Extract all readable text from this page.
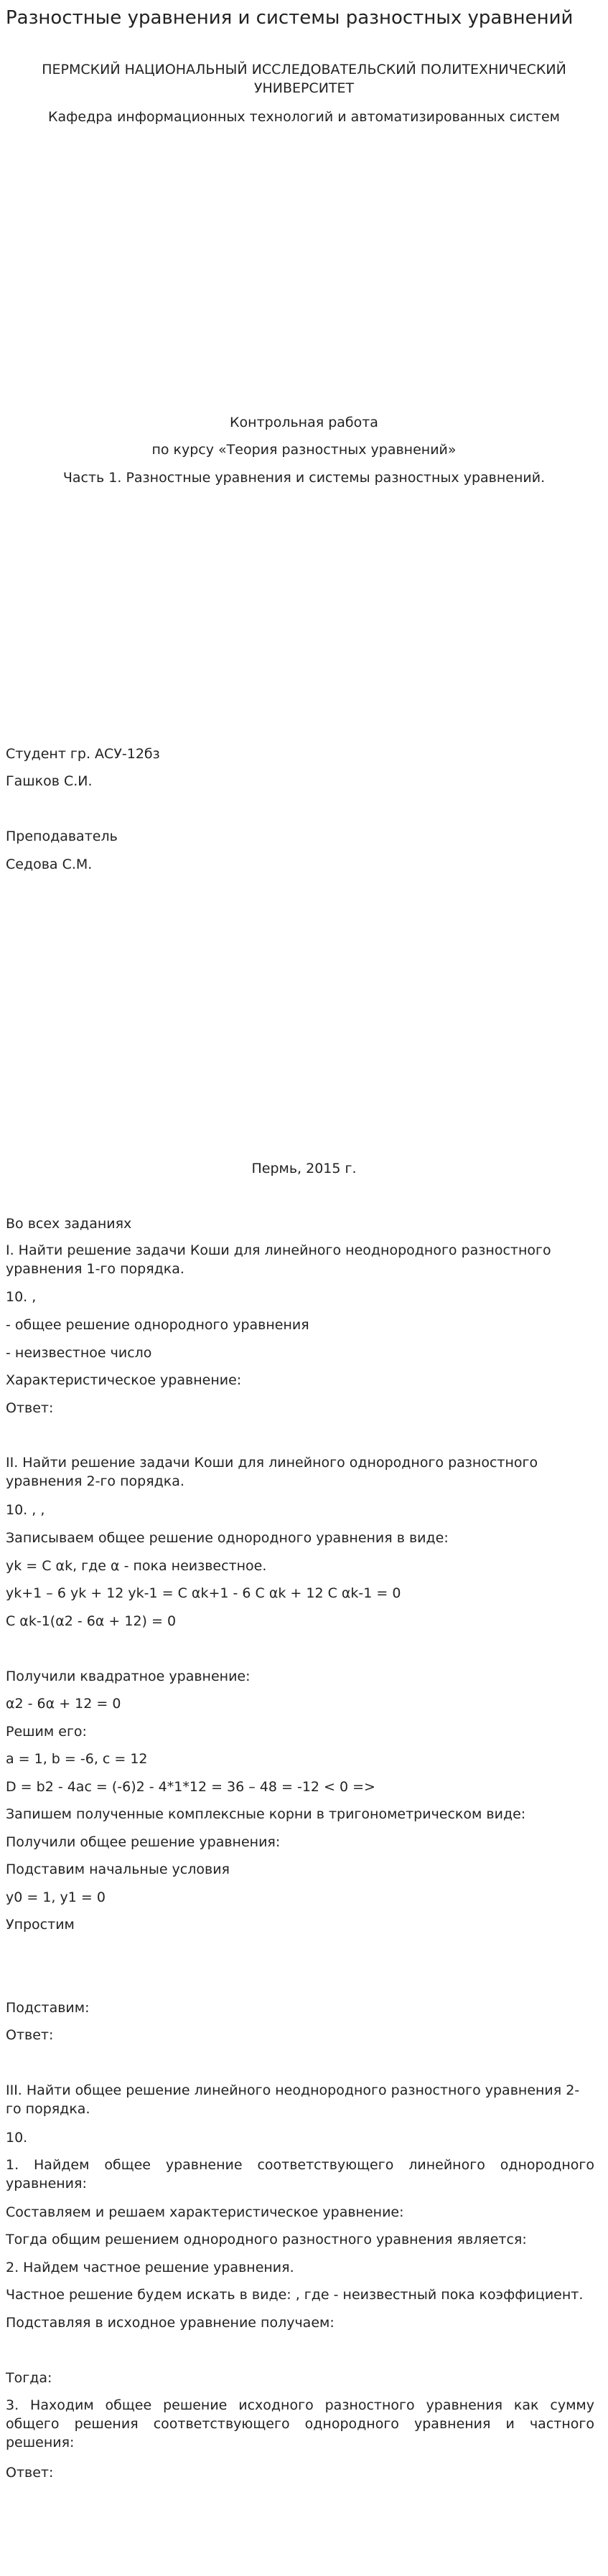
Разностные уравнения и системы разностных уравнений

ПЕРМСКИЙ НАЦИОНАЛЬНЫЙ ИССЛЕДОВАТЕЛЬСКИЙ ПОЛИТЕХНИЧЕСКИЙ УНИВЕРСИТЕТ

Кафедра информационных технологий и автоматизированных систем

Контрольная работа

по курсу «Теория разностных уравнений»

Часть 1. Разностные уравнения и системы разностных уравнений.

Студент гр. АСУ-12бз

Гашков С.И.

Преподаватель

Седова С.М.

Пермь, 2015 г.

Во всех заданиях

I. Найти решение задачи Коши для линейного неоднородного разностного уравнения 1-го порядка.

10. ,

- общее решение однородного уравнения

- неизвестное число

Характеристическое уравнение:

Ответ:

II. Найти решение задачи Коши для линейного однородного разностного уравнения 2-го порядка.

10. , ,

Записываем общее решение однородного уравнения в виде:

yk = C αk, где α - пока неизвестное.

yk+1 – 6 yk + 12 yk-1 = C αk+1 - 6 C αk + 12 C αk-1 = 0

C αk-1(α2 - 6α + 12) = 0

Получили квадратное уравнение:

α2 - 6α + 12 = 0

Решим его:

a = 1, b = -6, c = 12

D = b2 - 4ac = (-6)2 - 4*1*12 = 36 – 48 = -12 < 0 =>

Запишем полученные комплексные корни в тригонометрическом виде:

Получили общее решение уравнения:

Подставим начальные условия

y0 = 1, y1 = 0

Упростим

Подставим:

Ответ:

III. Найти общее решение линейного неоднородного разностного уравнения 2-го порядка.

10.

1. Найдем общее уравнение соответствующего линейного однородного уравнения:

Составляем и решаем характеристическое уравнение:

Тогда общим решением однородного разностного уравнения является:

2. Найдем частное решение уравнения.

Частное решение будем искать в виде: , где - неизвестный пока коэффициент.

Подставляя в исходное уравнение получаем:

Тогда:

3. Находим общее решение исходного разностного уравнения как сумму общего решения соответствующего однородного уравнения и частного решения:

Ответ:
